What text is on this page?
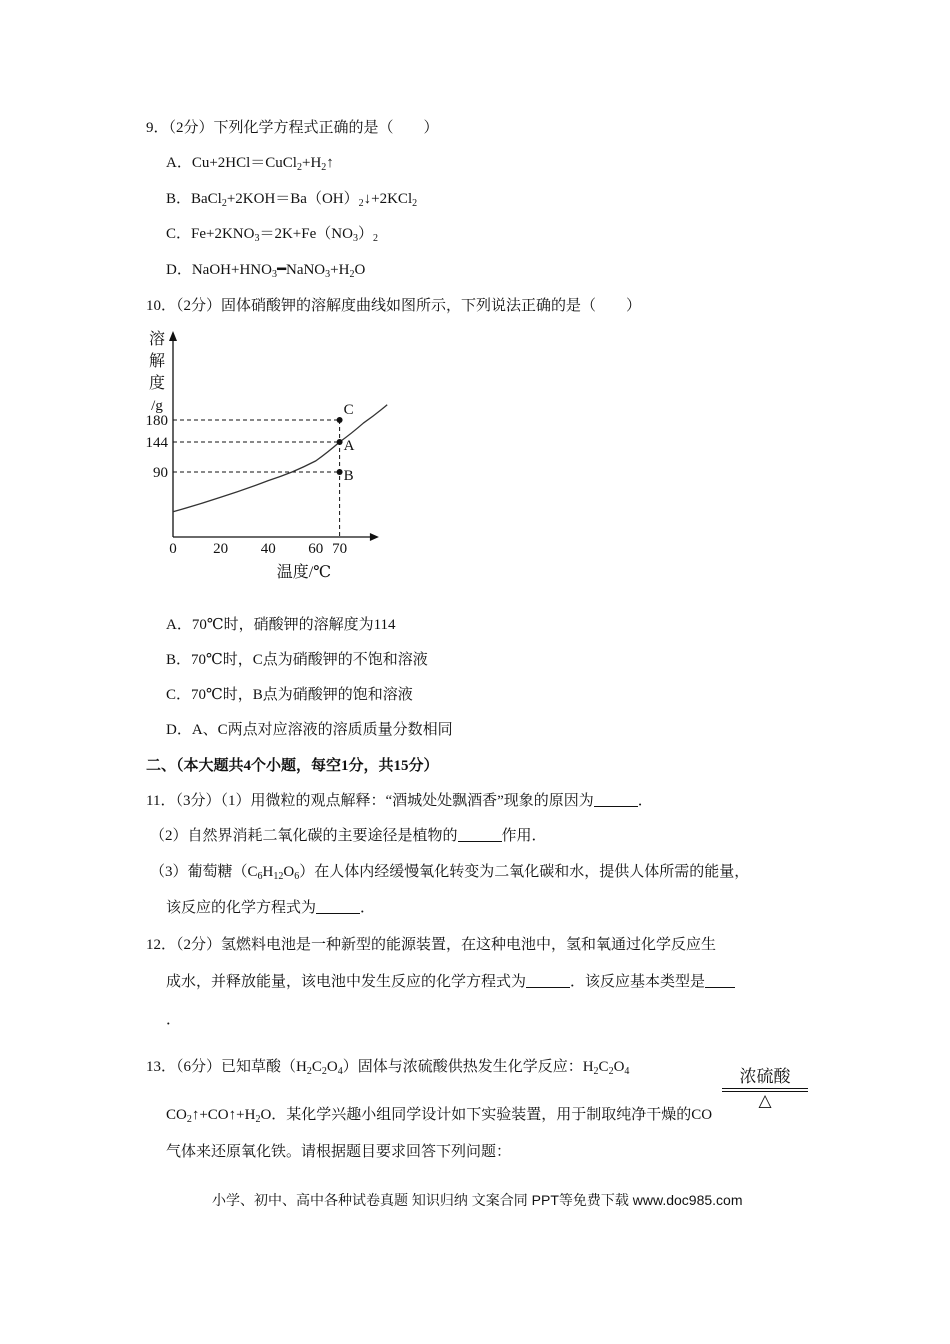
9．（2分）下列化学方程式正确的是（　　）
A．$Cu+2HCl=CuCl_2+H_2↑$
B．$BaCl_2+2KOH=Ba(OH)_2↓+2KCl_2$
C．$Fe+2KNO_3=2K+Fe(NO_3)_2$
D．$NaOH+HNO_3━NaNO_3+H_2O$
10．（2分）固体硝酸钾的溶解度曲线如图所示，下列说法正确的是（　　）
溶
解
度
/g
0 20 40 60 70
温度/℃
90
144
180
C
A
B
A．70℃时，硝酸钾的溶解度为114
B．70℃时，C点为硝酸钾的不饱和溶液
C．70℃时，B点为硝酸钾的饱和溶液
D．A、C两点对应溶液的溶质质量分数相同
二、（本大题共4个小题，每空1分，共15分）
11．（3分）（1）用微粒的观点解释：“酒城处处飘酒香”现象的原因为	．
（2）自然界消耗二氧化碳的主要途径是植物的	作用．
（3）葡萄糖$(C_6H_{12}O_6)$在人体内经缓慢氧化转变为二氧化碳和水，提供人体所需的能量，
该反应的化学方程式为	．
12．（2分）氢燃料电池是一种新型的能源装置，在这种电池中，氢和氧通过化学反应生
成水，并释放能量，该电池中发生反应的化学方程式为	．该反应基本类型是
．
13．（6分）已知草酸$(H_2C_2O_4)$固体与浓硫酸供热发生化学反应：$H_2C_2O_4$	浓硫酸
△
$CO_2↑+CO↑+H_2O$．某化学兴趣小组同学设计如下实验装置，用于制取纯净干燥的CO
气体来还原氧化铁。请根据题目要求回答下列问题：
小学、初中、高中各种试卷真题 知识归纳 文案合同 PPT等免费下载 www.doc985.com
